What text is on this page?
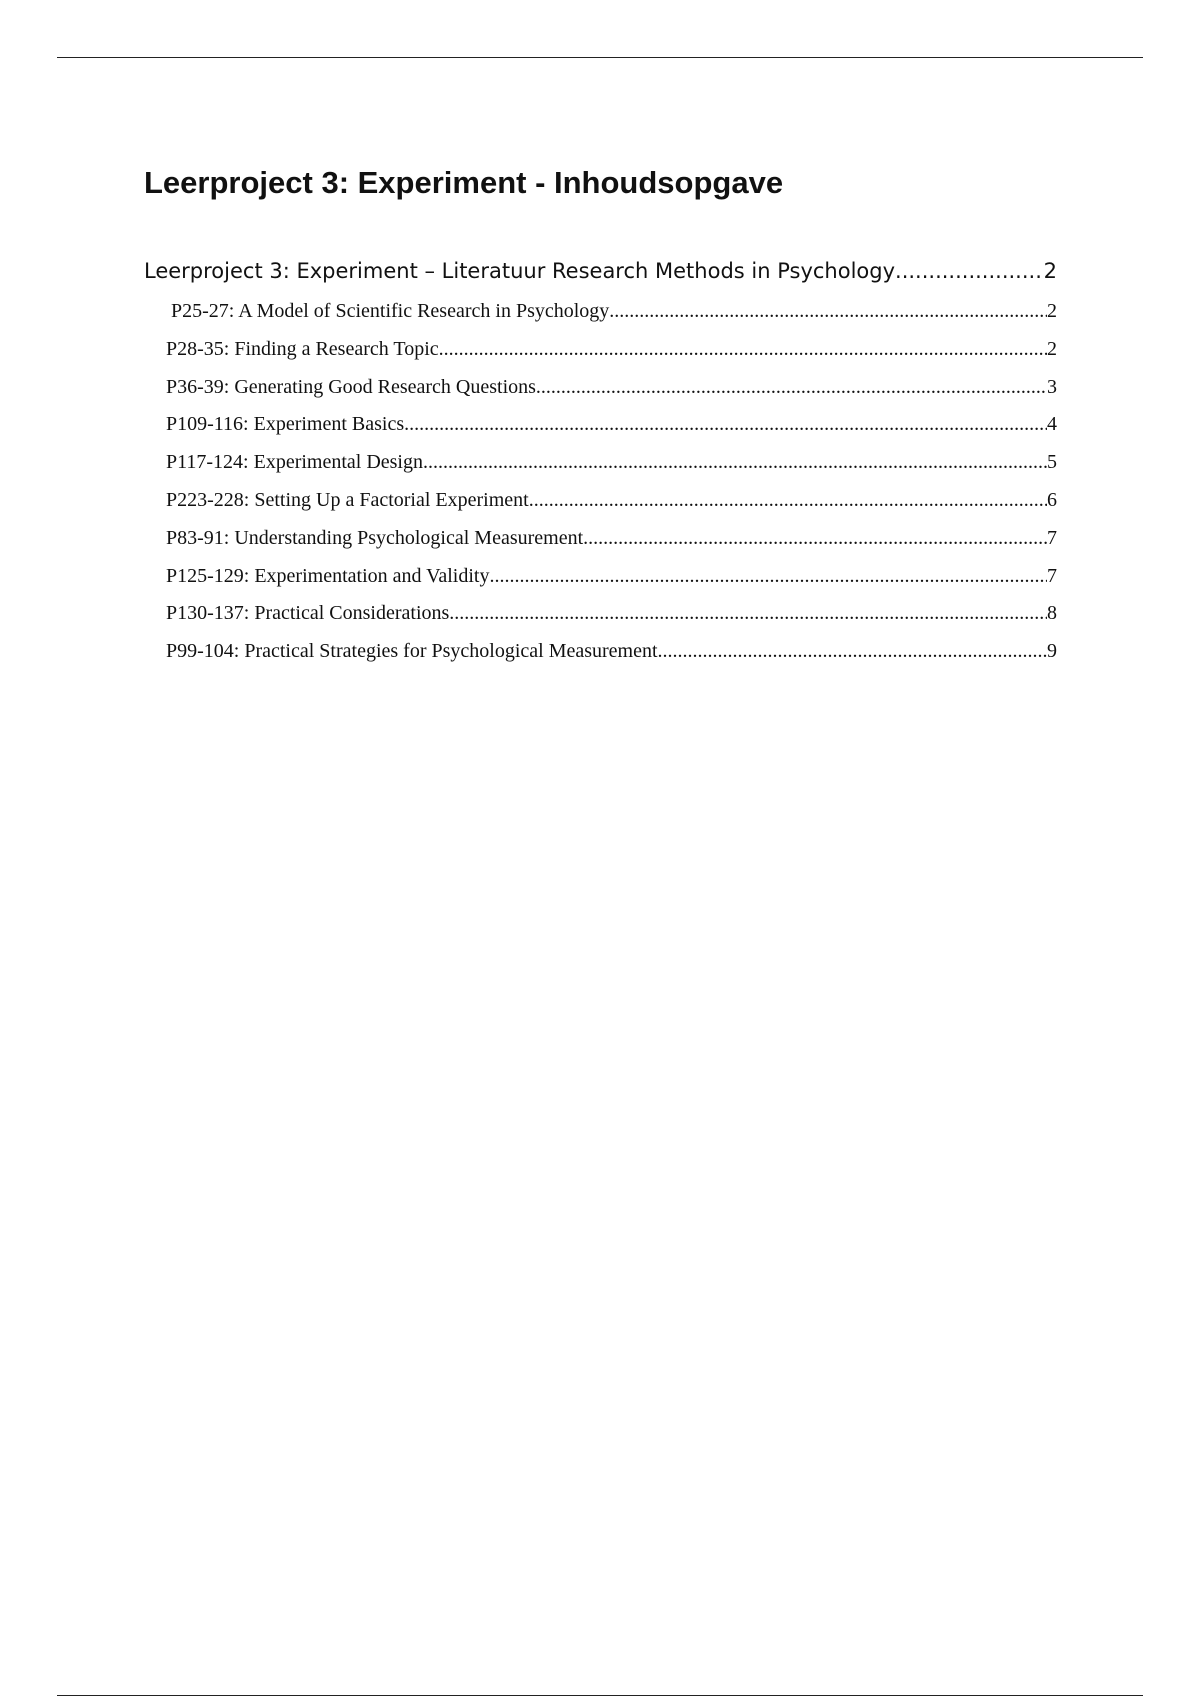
Leerproject 3: Experiment - Inhoudsopgave
Leerproject 3: Experiment – Literatuur Research Methods in Psychology .....	2
P25-27: A Model of Scientific Research in Psychology .....	2
P28-35: Finding a Research Topic .....	2
P36-39: Generating Good Research Questions .....	3
P109-116: Experiment Basics .....	4
P117-124: Experimental Design .....	5
P223-228: Setting Up a Factorial Experiment .....	6
P83-91: Understanding Psychological Measurement .....	7
P125-129: Experimentation and Validity .....	7
P130-137: Practical Considerations .....	8
P99-104: Practical Strategies for Psychological Measurement .....	9
